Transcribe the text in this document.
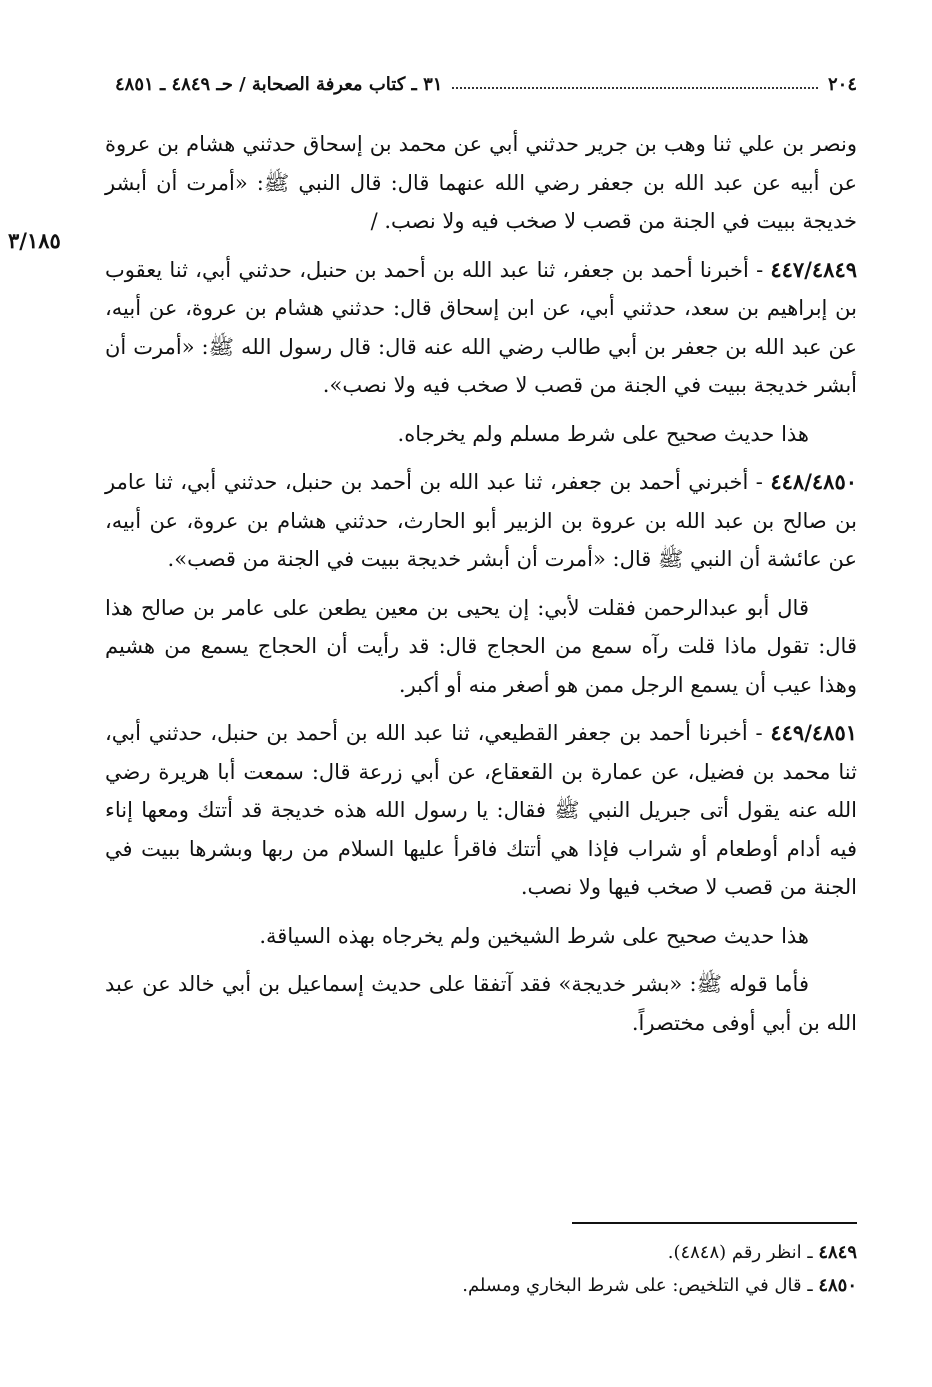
٢٠٤
٣١ ـ كتاب معرفة الصحابة / حـ ٤٨٤٩ ـ ٤٨٥١
٣/١٨٥

ونصر بن علي ثنا وهب بن جرير حدثني أبي عن محمد بن إسحاق حدثني هشام بن عروة عن أبيه عن عبد الله بن جعفر رضي الله عنهما قال: قال النبي ﷺ: «أمرت أن أبشر خديجة ببيت في الجنة من قصب لا صخب فيه ولا نصب. /

٤٤٧/٤٨٤٩ - أخبرنا أحمد بن جعفر، ثنا عبد الله بن أحمد بن حنبل، حدثني أبي، ثنا يعقوب بن إبراهيم بن سعد، حدثني أبي، عن ابن إسحاق قال: حدثني هشام بن عروة، عن أبيه، عن عبد الله بن جعفر بن أبي طالب رضي الله عنه قال: قال رسول الله ﷺ: «أمرت أن أبشر خديجة ببيت في الجنة من قصب لا صخب فيه ولا نصب».

هذا حديث صحيح على شرط مسلم ولم يخرجاه.

٤٤٨/٤٨٥٠ - أخبرني أحمد بن جعفر، ثنا عبد الله بن أحمد بن حنبل، حدثني أبي، ثنا عامر بن صالح بن عبد الله بن عروة بن الزبير أبو الحارث، حدثني هشام بن عروة، عن أبيه، عن عائشة أن النبي ﷺ قال: «أمرت أن أبشر خديجة ببيت في الجنة من قصب».

قال أبو عبدالرحمن فقلت لأبي: إن يحيى بن معين يطعن على عامر بن صالح هذا قال: تقول ماذا قلت رآه سمع من الحجاج قال: قد رأيت أن الحجاج يسمع من هشيم وهذا عيب أن يسمع الرجل ممن هو أصغر منه أو أكبر.

٤٤٩/٤٨٥١ - أخبرنا أحمد بن جعفر القطيعي، ثنا عبد الله بن أحمد بن حنبل، حدثني أبي، ثنا محمد بن فضيل، عن عمارة بن القعقاع، عن أبي زرعة قال: سمعت أبا هريرة رضي الله عنه يقول أتى جبريل النبي ﷺ فقال: يا رسول الله هذه خديجة قد أتتك ومعها إناء فيه أدام أوطعام أو شراب فإذا هي أتتك فاقرأ عليها السلام من ربها وبشرها ببيت في الجنة من قصب لا صخب فيها ولا نصب.

هذا حديث صحيح على شرط الشيخين ولم يخرجاه بهذه السياقة.

فأما قوله ﷺ: «بشر خديجة» فقد آتفقا على حديث إسماعيل بن أبي خالد عن عبد الله بن أبي أوفى مختصراً.

٤٨٤٩ ـ انظر رقم (٤٨٤٨).

٤٨٥٠ ـ قال في التلخيص: على شرط البخاري ومسلم.
